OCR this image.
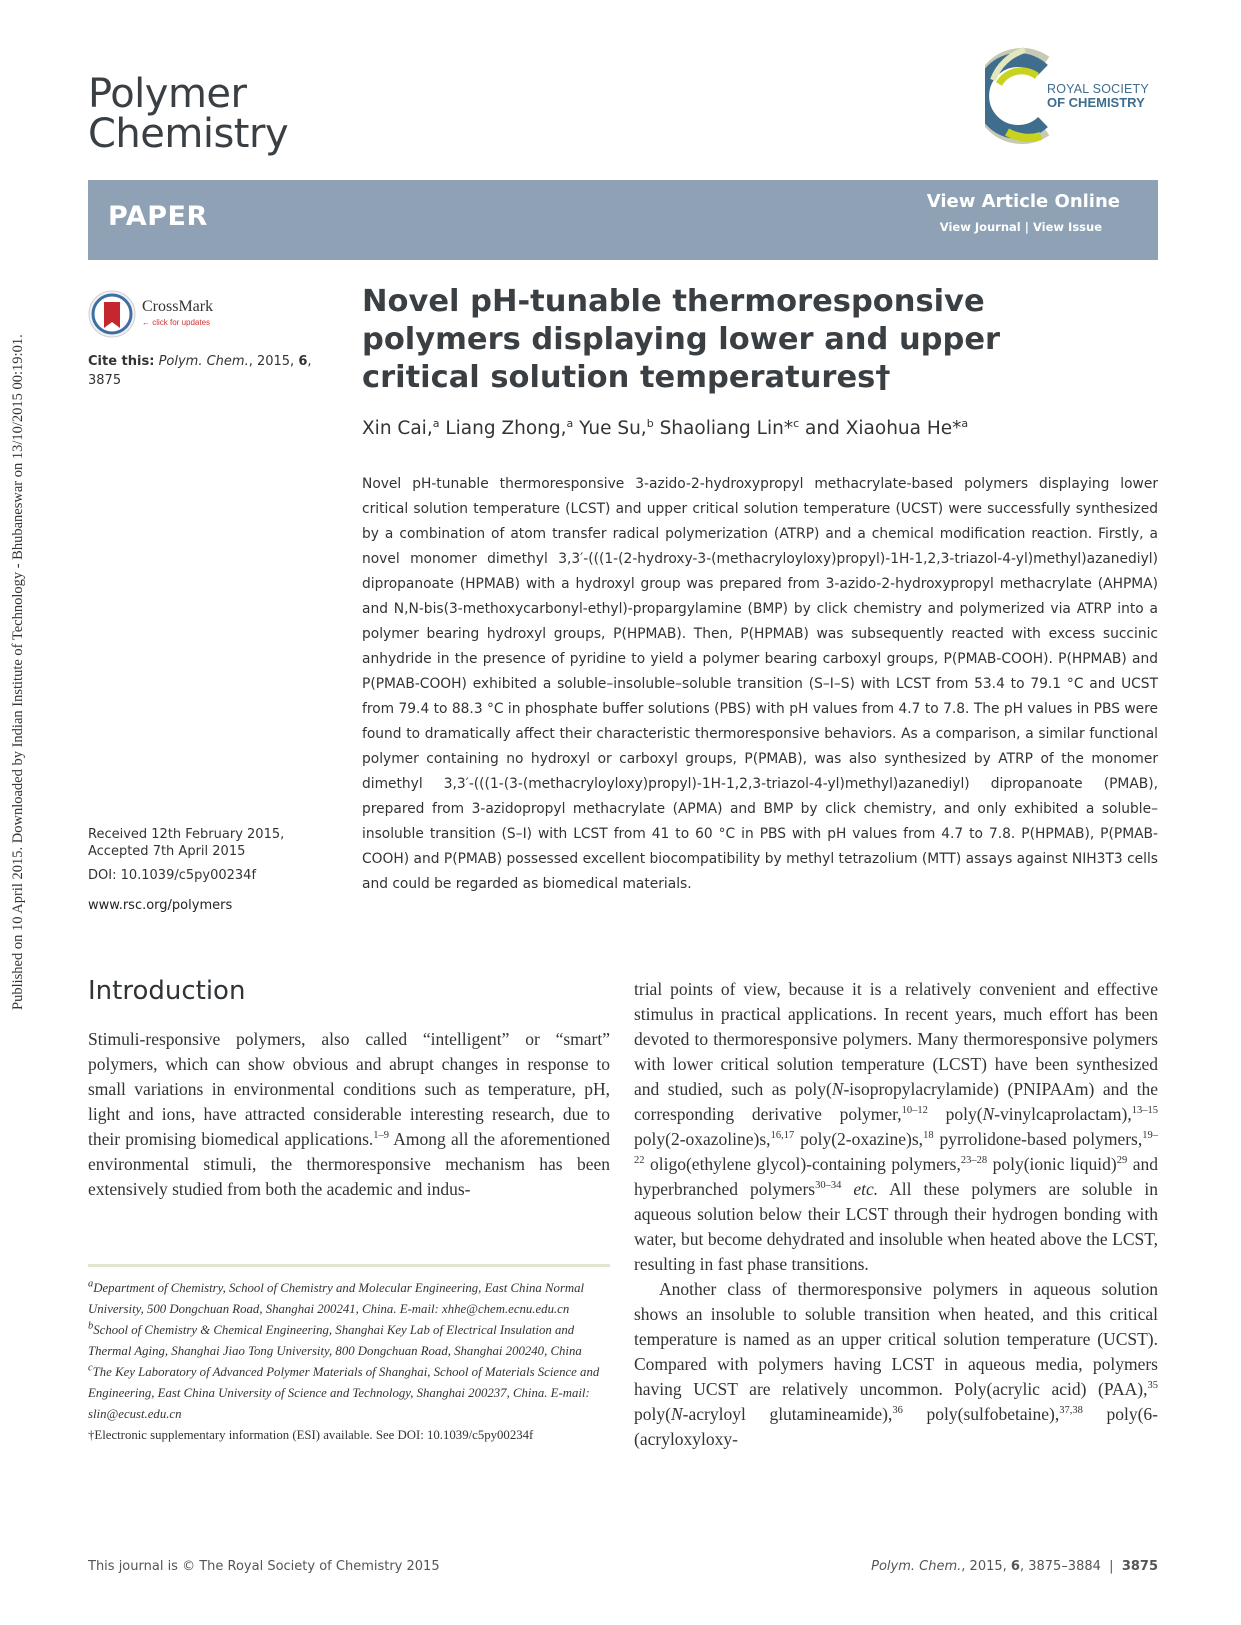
Published on 10 April 2015. Downloaded by Indian Institute of Technology - Bhubaneswar on 13/10/2015 00:19:01.
Polymer
Chemistry
ROYAL SOCIETY
OF CHEMISTRY
PAPER	View Article Online
View Journal | View Issue
CrossMark
← click for updates
Cite this: Polym. Chem., 2015, 6,
3875
Received 12th February 2015,
Accepted 7th April 2015
DOI: 10.1039/c5py00234f
www.rsc.org/polymers
Novel pH-tunable thermoresponsive polymers displaying lower and upper critical solution temperatures†
Xin Cai,$^a$ Liang Zhong,$^a$ Yue Su,$^b$ Shaoliang Lin*$^c$ and Xiaohua He*$^a$
Novel pH-tunable thermoresponsive 3-azido-2-hydroxypropyl methacrylate-based polymers displaying lower critical solution temperature (LCST) and upper critical solution temperature (UCST) were successfully synthesized by a combination of atom transfer radical polymerization (ATRP) and a chemical modification reaction. Firstly, a novel monomer dimethyl 3,3′-(((1-(2-hydroxy-3-(methacryloyloxy)propyl)-1H-1,2,3-triazol-4-yl)methyl)azanediyl) dipropanoate (HPMAB) with a hydroxyl group was prepared from 3-azido-2-hydroxypropyl methacrylate (AHPMA) and N,N-bis(3-methoxycarbonyl-ethyl)-propargylamine (BMP) by click chemistry and polymerized via ATRP into a polymer bearing hydroxyl groups, P(HPMAB). Then, P(HPMAB) was subsequently reacted with excess succinic anhydride in the presence of pyridine to yield a polymer bearing carboxyl groups, P(PMAB-COOH). P(HPMAB) and P(PMAB-COOH) exhibited a soluble–insoluble–soluble transition (S–I–S) with LCST from 53.4 to 79.1 °C and UCST from 79.4 to 88.3 °C in phosphate buffer solutions (PBS) with pH values from 4.7 to 7.8. The pH values in PBS were found to dramatically affect their characteristic thermoresponsive behaviors. As a comparison, a similar functional polymer containing no hydroxyl or carboxyl groups, P(PMAB), was also synthesized by ATRP of the monomer dimethyl 3,3′-(((1-(3-(methacryloyloxy)propyl)-1H-1,2,3-triazol-4-yl)methyl)azanediyl) dipropanoate (PMAB), prepared from 3-azidopropyl methacrylate (APMA) and BMP by click chemistry, and only exhibited a soluble–insoluble transition (S–I) with LCST from 41 to 60 °C in PBS with pH values from 4.7 to 7.8. P(HPMAB), P(PMAB-COOH) and P(PMAB) possessed excellent biocompatibility by methyl tetrazolium (MTT) assays against NIH3T3 cells and could be regarded as biomedical materials.
Introduction
Stimuli-responsive polymers, also called “intelligent” or “smart” polymers, which can show obvious and abrupt changes in response to small variations in environmental conditions such as temperature, pH, light and ions, have attracted considerable interesting research, due to their promising biomedical applications.$^{1-9}$ Among all the aforementioned environmental stimuli, the thermoresponsive mechanism has been extensively studied from both the academic and indus-

trial points of view, because it is a relatively convenient and effective stimulus in practical applications. In recent years, much effort has been devoted to thermoresponsive polymers. Many thermoresponsive polymers with lower critical solution temperature (LCST) have been synthesized and studied, such as poly(N-isopropylacrylamide) (PNIPAAm) and the corresponding derivative polymer,$^{10-12}$ poly(N-vinylcaprolactam),$^{13-15}$ poly(2-oxazoline)s,$^{16,17}$ poly(2-oxazine)s,$^{18}$ pyrrolidone-based polymers,$^{19-22}$ oligo(ethylene glycol)-containing polymers,$^{23-28}$ poly(ionic liquid)$^{29}$ and hyperbranched polymers$^{30-34}$ etc. All these polymers are soluble in aqueous solution below their LCST through their hydrogen bonding with water, but become dehydrated and insoluble when heated above the LCST, resulting in fast phase transitions.

Another class of thermoresponsive polymers in aqueous solution shows an insoluble to soluble transition when heated, and this critical temperature is named as an upper critical solution temperature (UCST). Compared with polymers having LCST in aqueous media, polymers having UCST are relatively uncommon. Poly(acrylic acid) (PAA),$^{35}$ poly(N-acryloyl glutamineamide),$^{36}$ poly(sulfobetaine),$^{37,38}$ poly(6-(acryloxyloxy-

$^a$Department of Chemistry, School of Chemistry and Molecular Engineering, East China Normal University, 500 Dongchuan Road, Shanghai 200241, China. E-mail: xhhe@chem.ecnu.edu.cn

$^b$School of Chemistry & Chemical Engineering, Shanghai Key Lab of Electrical Insulation and Thermal Aging, Shanghai Jiao Tong University, 800 Dongchuan Road, Shanghai 200240, China

$^c$The Key Laboratory of Advanced Polymer Materials of Shanghai, School of Materials Science and Engineering, East China University of Science and Technology, Shanghai 200237, China. E-mail: slin@ecust.edu.cn

†Electronic supplementary information (ESI) available. See DOI: 10.1039/c5py00234f

This journal is © The Royal Society of Chemistry 2015	Polym. Chem., 2015, 6, 3875–3884  |  3875
